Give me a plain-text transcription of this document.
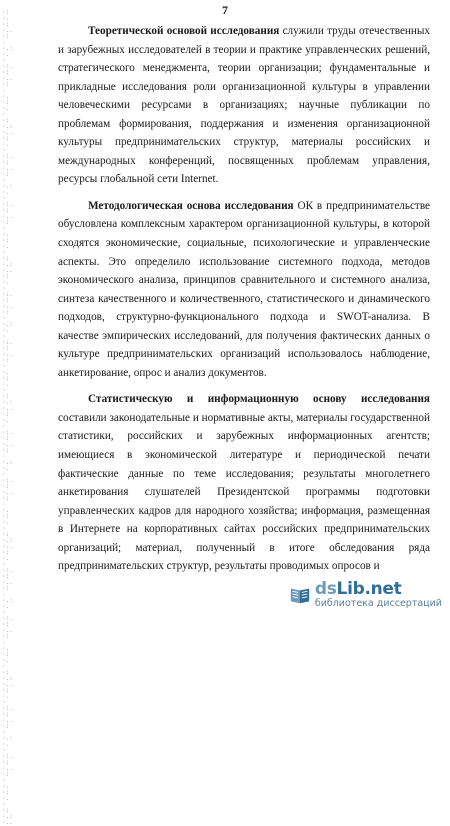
·:·.·:·..·:··.:·.··:.·:·..·:··.·:·.··:·.:·..·:·.··:.·:·..·:··.:·.··:.·:·..·:··.·:·.··:·.:·..·:·.··:.·:·..·:··.:·.··:.·:·..·:··.·:·.··:·.:·..·:·.··:.·:·..·:··.:·.··:.·:·..·:··.·:·.··:·.:·..·:·.··:.·:·..·:··.:·.··:.·:·..·:··.·:·.··:·.:·..·:·.··:.·:·..·:··.:·.··:.·:·..·:··.·:·.··:·.:·..
7

Теоретической основой исследования служили труды отечественных и зарубежных исследователей в теории и практике управленческих решений, стратегического менеджмента, теории организации; фундаментальные и прикладные исследования роли организационной культуры в управлении человеческими ресурсами в организациях; научные публикации по проблемам формирования, поддержания и изменения организационной культуры предпринимательских структур, материалы российских и международных конференций, посвященных проблемам управления, ресурсы глобальной сети Internet.

Методологическая основа исследования ОК в предпринимательстве обусловлена комплексным характером организационной культуры, в которой сходятся экономические, социальные, психологические и управленческие аспекты. Это определило использование системного подхода, методов экономического анализа, принципов сравнительного и системного анализа, синтеза качественного и количественного, статистического и динамического подходов, структурно-функционального подхода и SWOT-анализа. В качестве эмпирических исследований, для получения фактических данных о культуре предпринимательских организаций использовалось наблюдение, анкетирование, опрос и анализ документов.

Статистическую и информационную основу исследования составили законодательные и нормативные акты, материалы государственной статистики, российских и зарубежных информационных агентств; имеющиеся в экономической литературе и периодической печати фактические данные по теме исследования; результаты многолетнего анкетирования слушателей Президентской программы подготовки управленческих кадров для народного хозяйства; информация, размещенная в Интернете на корпоративных сайтах российских предпринимательских организаций; материал, полученный в итоге обследования ряда предпринимательских структур, результаты проводимых опросов и

dsLib.net
библиотека диссертаций
